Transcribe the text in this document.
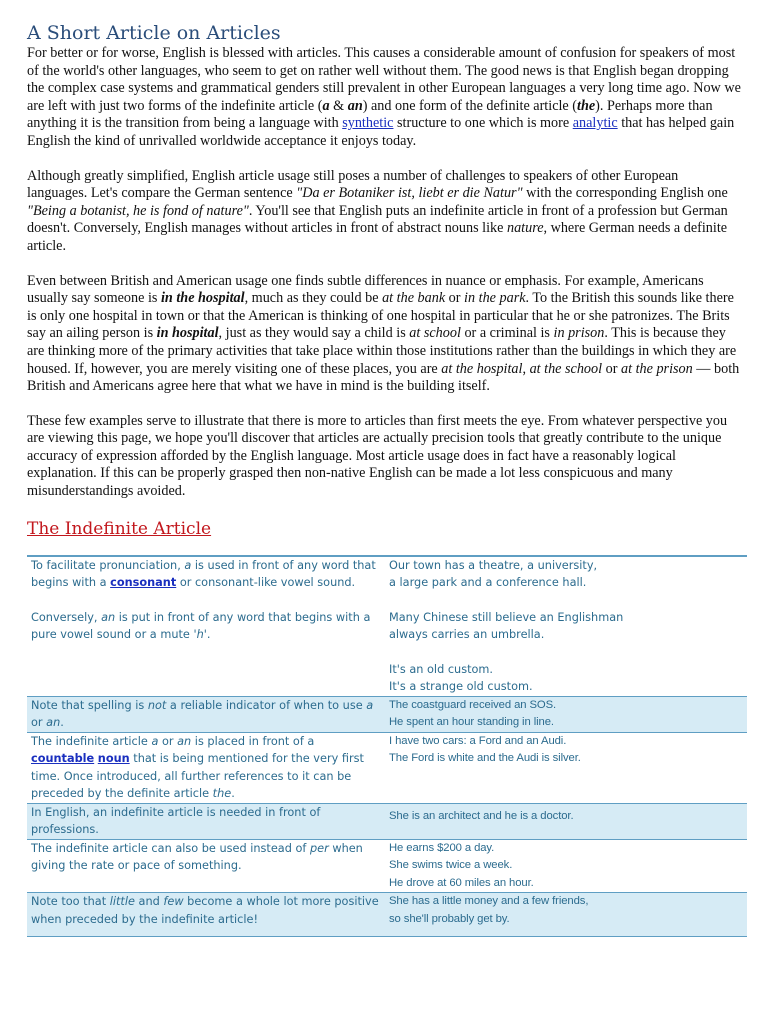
A Short Article on Articles

For better or for worse, English is blessed with articles. This causes a considerable amount of confusion for speakers of most of the world's other languages, who seem to get on rather well without them. The good news is that English began dropping the complex case systems and grammatical genders still prevalent in other European languages a very long time ago. Now we are left with just two forms of the indefinite article (a & an) and one form of the definite article (the). Perhaps more than anything it is the transition from being a language with synthetic structure to one which is more analytic that has helped gain English the kind of unrivalled worldwide acceptance it enjoys today.

Although greatly simplified, English article usage still poses a number of challenges to speakers of other European languages. Let's compare the German sentence "Da er Botaniker ist, liebt er die Natur" with the corresponding English one "Being a botanist, he is fond of nature". You'll see that English puts an indefinite article in front of a profession but German doesn't. Conversely, English manages without articles in front of abstract nouns like nature, where German needs a definite article.

Even between British and American usage one finds subtle differences in nuance or emphasis. For example, Americans usually say someone is in the hospital, much as they could be at the bank or in the park. To the British this sounds like there is only one hospital in town or that the American is thinking of one hospital in particular that he or she patronizes. The Brits say an ailing person is in hospital, just as they would say a child is at school or a criminal is in prison. This is because they are thinking more of the primary activities that take place within those institutions rather than the buildings in which they are housed. If, however, you are merely visiting one of these places, you are at the hospital, at the school or at the prison — both British and Americans agree here that what we have in mind is the building itself.

These few examples serve to illustrate that there is more to articles than first meets the eye. From whatever perspective you are viewing this page, we hope you'll discover that articles are actually precision tools that greatly contribute to the unique accuracy of expression afforded by the English language. Most article usage does in fact have a reasonably logical explanation. If this can be properly grasped then non-native English can be made a lot less conspicuous and many misunderstandings avoided.

The Indefinite Article
To facilitate pronunciation, a is used in front of any word that begins with a consonant or consonant-like vowel sound.
Our town has a theatre, a university,
a large park and a conference hall.
Conversely, an is put in front of any word that begins with a pure vowel sound or a mute 'h'.
Many Chinese still believe an Englishman
always carries an umbrella.
It's an old custom.
It's a strange old custom.
Note that spelling is not a reliable indicator of when to use a or an.
The coastguard received an SOS.
He spent an hour standing in line.
The indefinite article a or an is placed in front of a countable noun that is being mentioned for the very first time. Once introduced, all further references to it can be preceded by the definite article the.
I have two cars: a Ford and an Audi.
The Ford is white and the Audi is silver.
In English, an indefinite article is needed in front of professions.
She is an architect and he is a doctor.
The indefinite article can also be used instead of per when giving the rate or pace of something.
He earns $200 a day.
She swims twice a week.
He drove at 60 miles an hour.
Note too that little and few become a whole lot more positive when preceded by the indefinite article!
She has a little money and a few friends,
so she'll probably get by.
